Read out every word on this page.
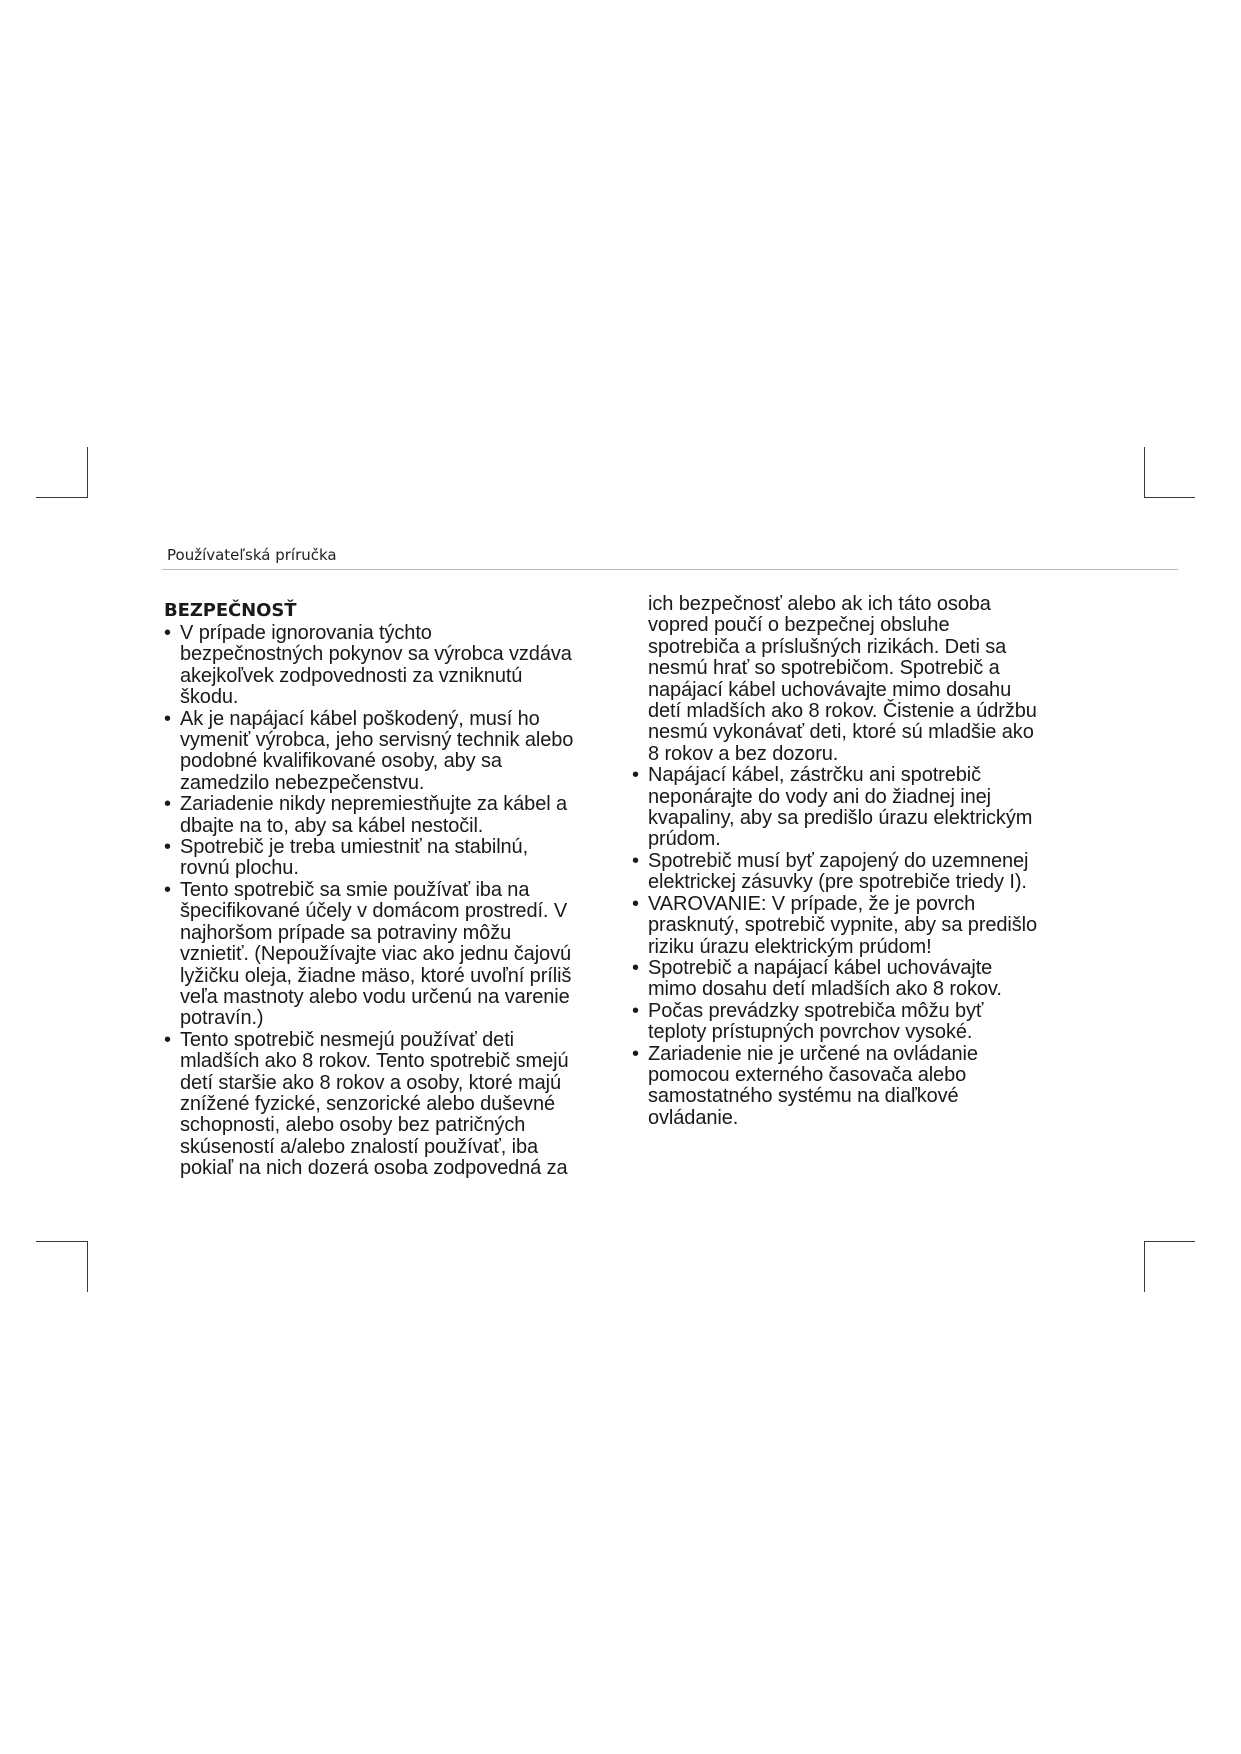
Používateľská príručka
BEZPEČNOSŤ
• V prípade ignorovania týchto
bezpečnostných pokynov sa výrobca vzdáva
akejkoľvek zodpovednosti za vzniknutú
škodu.
• Ak je napájací kábel poškodený, musí ho
vymeniť výrobca, jeho servisný technik alebo
podobné kvalifikované osoby, aby sa
zamedzilo nebezpečenstvu.
• Zariadenie nikdy nepremiestňujte za kábel a
dbajte na to, aby sa kábel nestočil.
• Spotrebič je treba umiestniť na stabilnú,
rovnú plochu.
• Tento spotrebič sa smie používať iba na
špecifikované účely v domácom prostredí. V
najhoršom prípade sa potraviny môžu
vznietiť. (Nepoužívajte viac ako jednu čajovú
lyžičku oleja, žiadne mäso, ktoré uvoľní príliš
veľa mastnoty alebo vodu určenú na varenie
potravín.)
• Tento spotrebič nesmejú používať deti
mladších ako 8 rokov. Tento spotrebič smejú
detí staršie ako 8 rokov a osoby, ktoré majú
znížené fyzické, senzorické alebo duševné
schopnosti, alebo osoby bez patričných
skúseností a/alebo znalostí používať, iba
pokiaľ na nich dozerá osoba zodpovedná za
ich bezpečnosť alebo ak ich táto osoba
vopred poučí o bezpečnej obsluhe
spotrebiča a príslušných rizikách. Deti sa
nesmú hrať so spotrebičom. Spotrebič a
napájací kábel uchovávajte mimo dosahu
detí mladších ako 8 rokov. Čistenie a údržbu
nesmú vykonávať deti, ktoré sú mladšie ako
8 rokov a bez dozoru.
• Napájací kábel, zástrčku ani spotrebič
neponárajte do vody ani do žiadnej inej
kvapaliny, aby sa predišlo úrazu elektrickým
prúdom.
• Spotrebič musí byť zapojený do uzemnenej
elektrickej zásuvky (pre spotrebiče triedy I).
• VAROVANIE: V prípade, že je povrch
prasknutý, spotrebič vypnite, aby sa predišlo
riziku úrazu elektrickým prúdom!
• Spotrebič a napájací kábel uchovávajte
mimo dosahu detí mladších ako 8 rokov.
• Počas prevádzky spotrebiča môžu byť
teploty prístupných povrchov vysoké.
• Zariadenie nie je určené na ovládanie
pomocou externého časovača alebo
samostatného systému na diaľkové
ovládanie.
